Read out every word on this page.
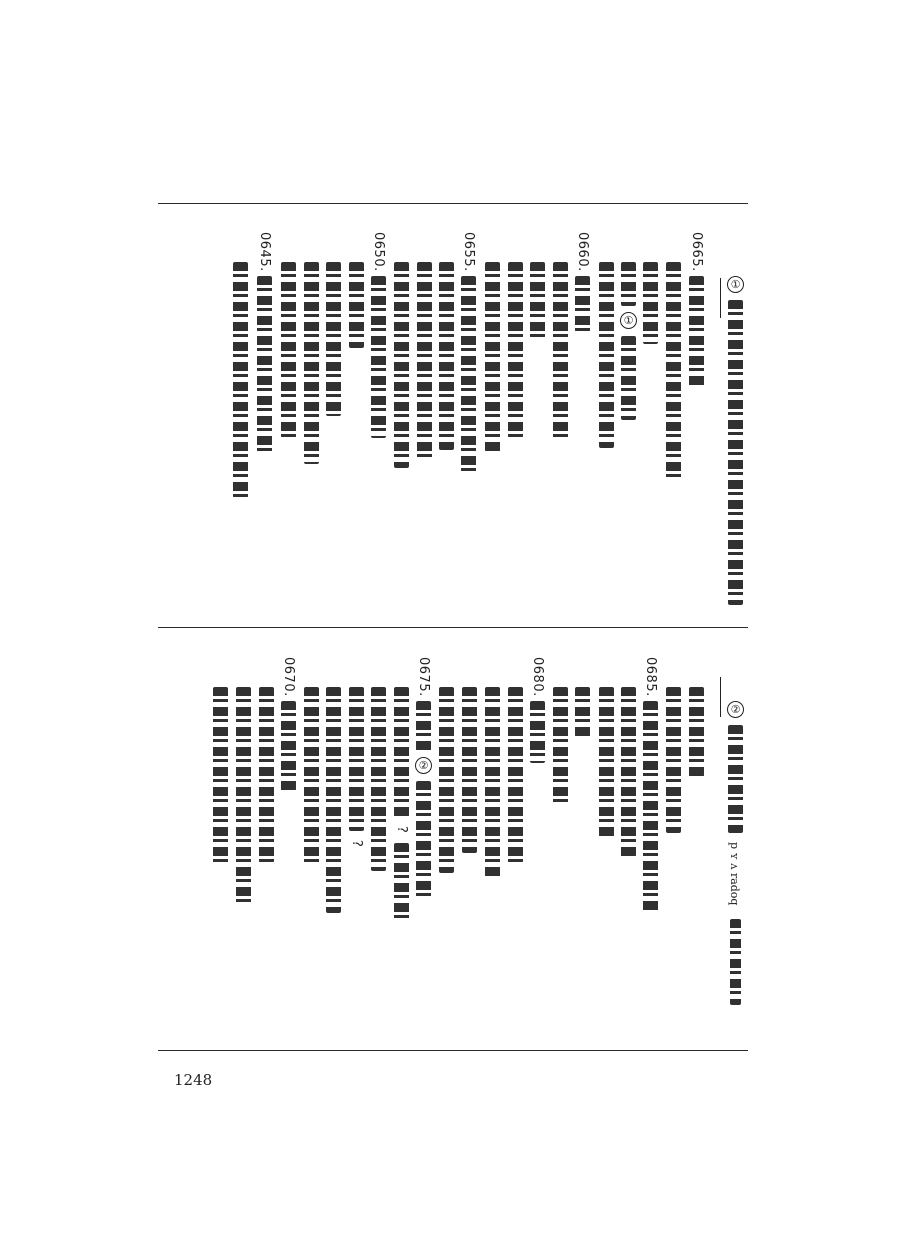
①
0665.
①
0660.
0655.
0650.
0645.
②
p ʏ ʌ radoq
0685.
0680.
0675.
②
?
?
0670.
1248
